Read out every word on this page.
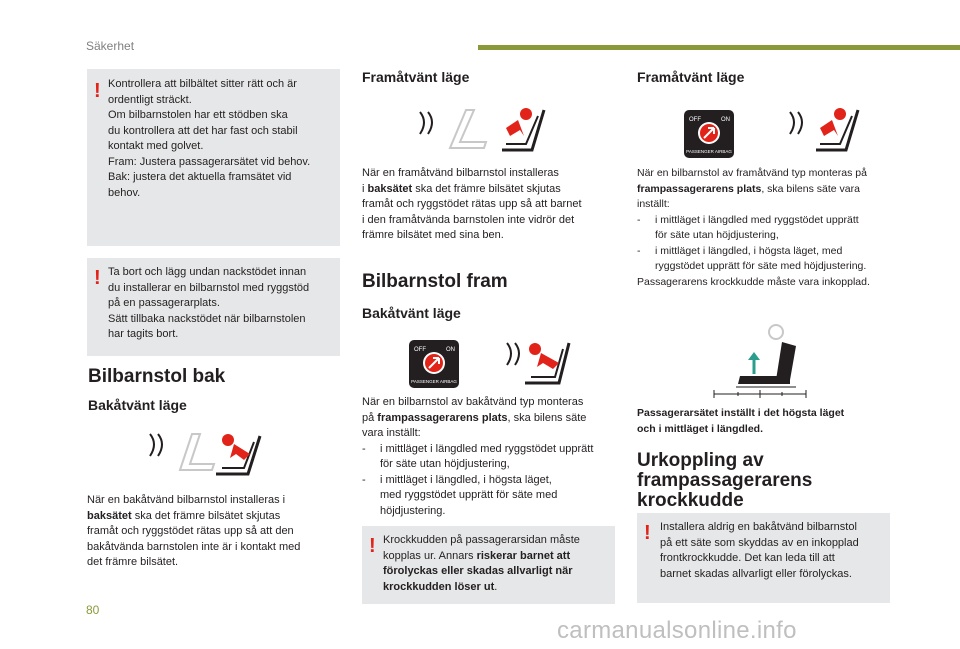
Säkerhet
! Kontrollera att bilbältet sitter rätt och är

ordentligt sträckt.

Om bilbarnstolen har ett stödben ska

du kontrollera att det har fast och stabil

kontakt med golvet.

Fram: Justera passagerarsätet vid behov.

Bak: justera det aktuella framsätet vid

behov.

! Ta bort och lägg undan nackstödet innan

du installerar en bilbarnstol med ryggstöd

på en passagerarplats.

Sätt tillbaka nackstödet när bilbarnstolen

har tagits bort.

Bilbarnstol bak
Bakåtvänt läge

När en bakåtvänd bilbarnstol installeras i

baksätet ska det främre bilsätet skjutas

framåt och ryggstödet rätas upp så att den

bakåtvända barnstolen inte är i kontakt med

det främre bilsätet.

Framåtvänt läge

När en framåtvänd bilbarnstol installeras

i baksätet ska det främre bilsätet skjutas

framåt och ryggstödet rätas upp så att barnet

i den framåtvända barnstolen inte vidrör det

främre bilsätet med sina ben.

Bilbarnstol fram
Bakåtvänt läge
OFF	ON
PASSENGER AIRBAG

När en bilbarnstol av bakåtvänd typ monteras

på frampassagerarens plats, ska bilens säte

vara inställt:

- i mittläget i längdled med ryggstödet upprätt

för säte utan höjdjustering,

- i mittläget i längdled, i högsta läget,

med ryggstödet upprätt för säte med

höjdjustering.

! Krockkudden på passagerarsidan måste

kopplas ur. Annars riskerar barnet att

förolyckas eller skadas allvarligt när

krockkudden löser ut.

Framåtvänt läge
OFF	ON
PASSENGER AIRBAG

När en bilbarnstol av framåtvänd typ monteras på

frampassagerarens plats, ska bilens säte vara

inställt:

- i mittläget i längdled med ryggstödet upprätt

för säte utan höjdjustering,

- i mittläget i längdled, i högsta läget, med

ryggstödet upprätt för säte med höjdjustering.

Passagerarens krockkudde måste vara inkopplad.

Passagerarsätet inställt i det högsta läget
och i mittläget i längdled.
Urkoppling av
frampassagerarens
krockkudde
! Installera aldrig en bakåtvänd bilbarnstol

på ett säte som skyddas av en inkopplad

frontkrockkudde. Det kan leda till att

barnet skadas allvarligt eller förolyckas.

80
carmanualsonline.info
